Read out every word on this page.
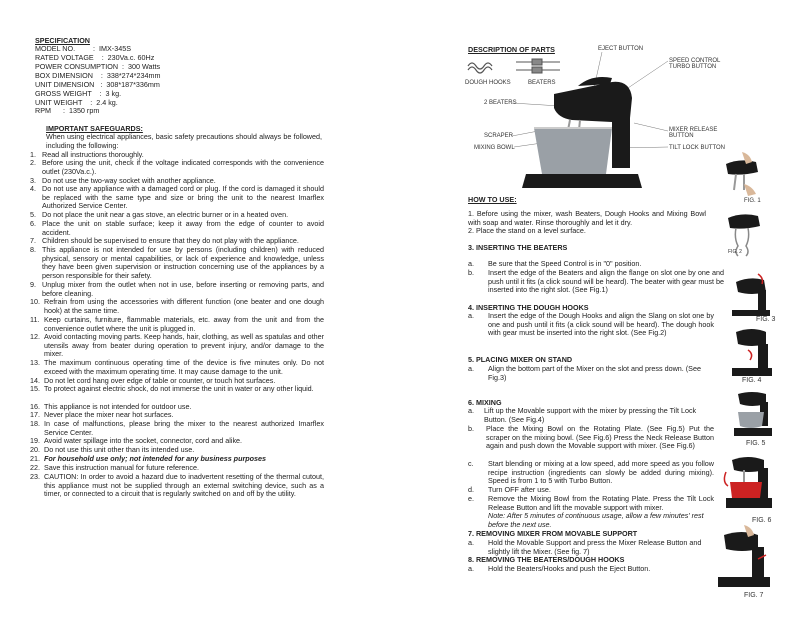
SPECIFICATION
MODEL NO.         :  IMX-345S
RATED VOLTAGE    :  230Va.c. 60Hz
POWER CONSUMPTION  :  300 Watts
BOX DIMENSION    :  338*274*234mm
UNIT DIMENSION   :  308*187*336mm
GROSS WEIGHT    :  3 kg.
UNIT WEIGHT    :  2.4 kg.
RPM      :  1350 rpm
IMPORTANT SAFEGUARDS:
When using electrical appliances, basic safety precautions should always be followed, including the following:
1. Read all instructions thoroughly.
2. Before using the unit, check if the voltage indicated corresponds with the convenience outlet (230Va.c.).
3. Do not use the two-way socket with another appliance.
4. Do not use any appliance with a damaged cord or plug. If the cord is damaged it should be replaced with the same type and size or bring the unit to the nearest Imarflex Authorized Service Center.
5. Do not place the unit near a gas stove, an electric burner or in a heated oven.
6. Place the unit on stable surface; keep it away from the edge of counter to avoid accident.
7. Children should be supervised to ensure that they do not play with the appliance.
8. This appliance is not intended for use by persons (including children) with reduced physical, sensory or mental capabilities, or lack of experience and knowledge, unless they have been given supervision or instruction concerning use of the appliances by a person responsible for their safety.
9. Unplug mixer from the outlet when not in use, before inserting or removing parts, and before cleaning.
10. Refrain from using the accessories with different function (one beater and one dough hook) at the same time.
11. Keep curtains, furniture, flammable materials, etc. away from the unit and from the convenience outlet where the unit is plugged in.
12. Avoid contacting moving parts. Keep hands, hair, clothing, as well as spatulas and other utensils away from beater during operation to prevent injury, and/or damage to the mixer.
13. The maximum continuous operating time of the device is five minutes only. Do not exceed with the maximum operating time. It may cause damage to the unit.
14. Do not let cord hang over edge of table or counter, or touch hot surfaces.
15. To protect against electric shock, do not immerse the unit in water or any other liquid.
16. This appliance is not intended for outdoor use.
17. Never place the mixer near hot surfaces.
18. In case of malfunctions, please bring the mixer to the nearest authorized Imarflex Service Center.
19. Avoid water spillage into the socket, connector, cord and alike.
20. Do not use this unit other than its intended use.
21. For household use only; not intended for any business purposes
22. Save this instruction manual for future reference.
23. CAUTION: In order to avoid a hazard due to inadvertent resetting of the thermal cutout, this appliance must not be supplied through an external switching device, such as a timer, or connected to a circuit that is regularly switched on and off by the utility.
DESCRIPTION OF PARTS	EJECT BUTTON
SPEED CONTROL
TURBO BUTTON
DOUGH HOOKS	BEATERS
2 BEATERS
MIXER RELEASE
BUTTON
SCRAPER
MIXING BOWL	TILT LOCK BUTTON
HOW TO USE:
1. Before using the mixer, wash Beaters, Dough Hooks and Mixing Bowl with soap and water. Rinse thoroughly and let it dry.
2. Place the stand on a level surface.
3. INSERTING THE BEATERS
a. Be sure that the Speed Control is in "0" position.
b. Insert the edge of the Beaters and align the flange on slot one by one and push until it fits (a click sound will be heard). The beater with gear must be inserted into the right slot. (See Fig.1)
4. INSERTING THE DOUGH HOOKS
a. Insert the edge of the Dough Hooks and align the Slang on slot one by one and push until it fits (a click sound will be heard). The dough hook with gear must be inserted into the right slot. (See Fig.2)
5. PLACING MIXER ON STAND
a. Align the bottom part of the Mixer on the slot and press down. (See Fig.3)
6. MIXING
a. Lift up the Movable support with the mixer by pressing the Tilt Lock Button. (See Fig.4)
b. Place the Mixing Bowl on the Rotating Plate. (See Fig.5) Put the scraper on the mixing bowl. (See Fig.6) Press the Neck Release Button again and push down the Movable support with mixer. (See Fig.6)
c. Start blending or mixing at a low speed, add more speed as you follow recipe instruction (ingredients can slowly be added during mixing). Speed is from 1 to 5 with Turbo Button.
d. Turn OFF after use.
e. Remove the Mixing Bowl from the Rotating Plate. Press the Tilt Lock Release Button and lift the movable support with mixer.
Note: After 5 minutes of continuous usage, allow a few minutes' rest before the next use.
7. REMOVING MIXER FROM MOVABLE SUPPORT
a. Hold the Movable Support and press the Mixer Release Button and slightly lift the Mixer. (See fig. 7)
8. REMOVING THE BEATERS/DOUGH HOOKS
a. Hold the Beaters/Hooks and push the Eject Button.
FIG. 1
FIG. 2
FIG. 3
FIG. 4
FIG. 5
FIG. 6
FIG. 7
